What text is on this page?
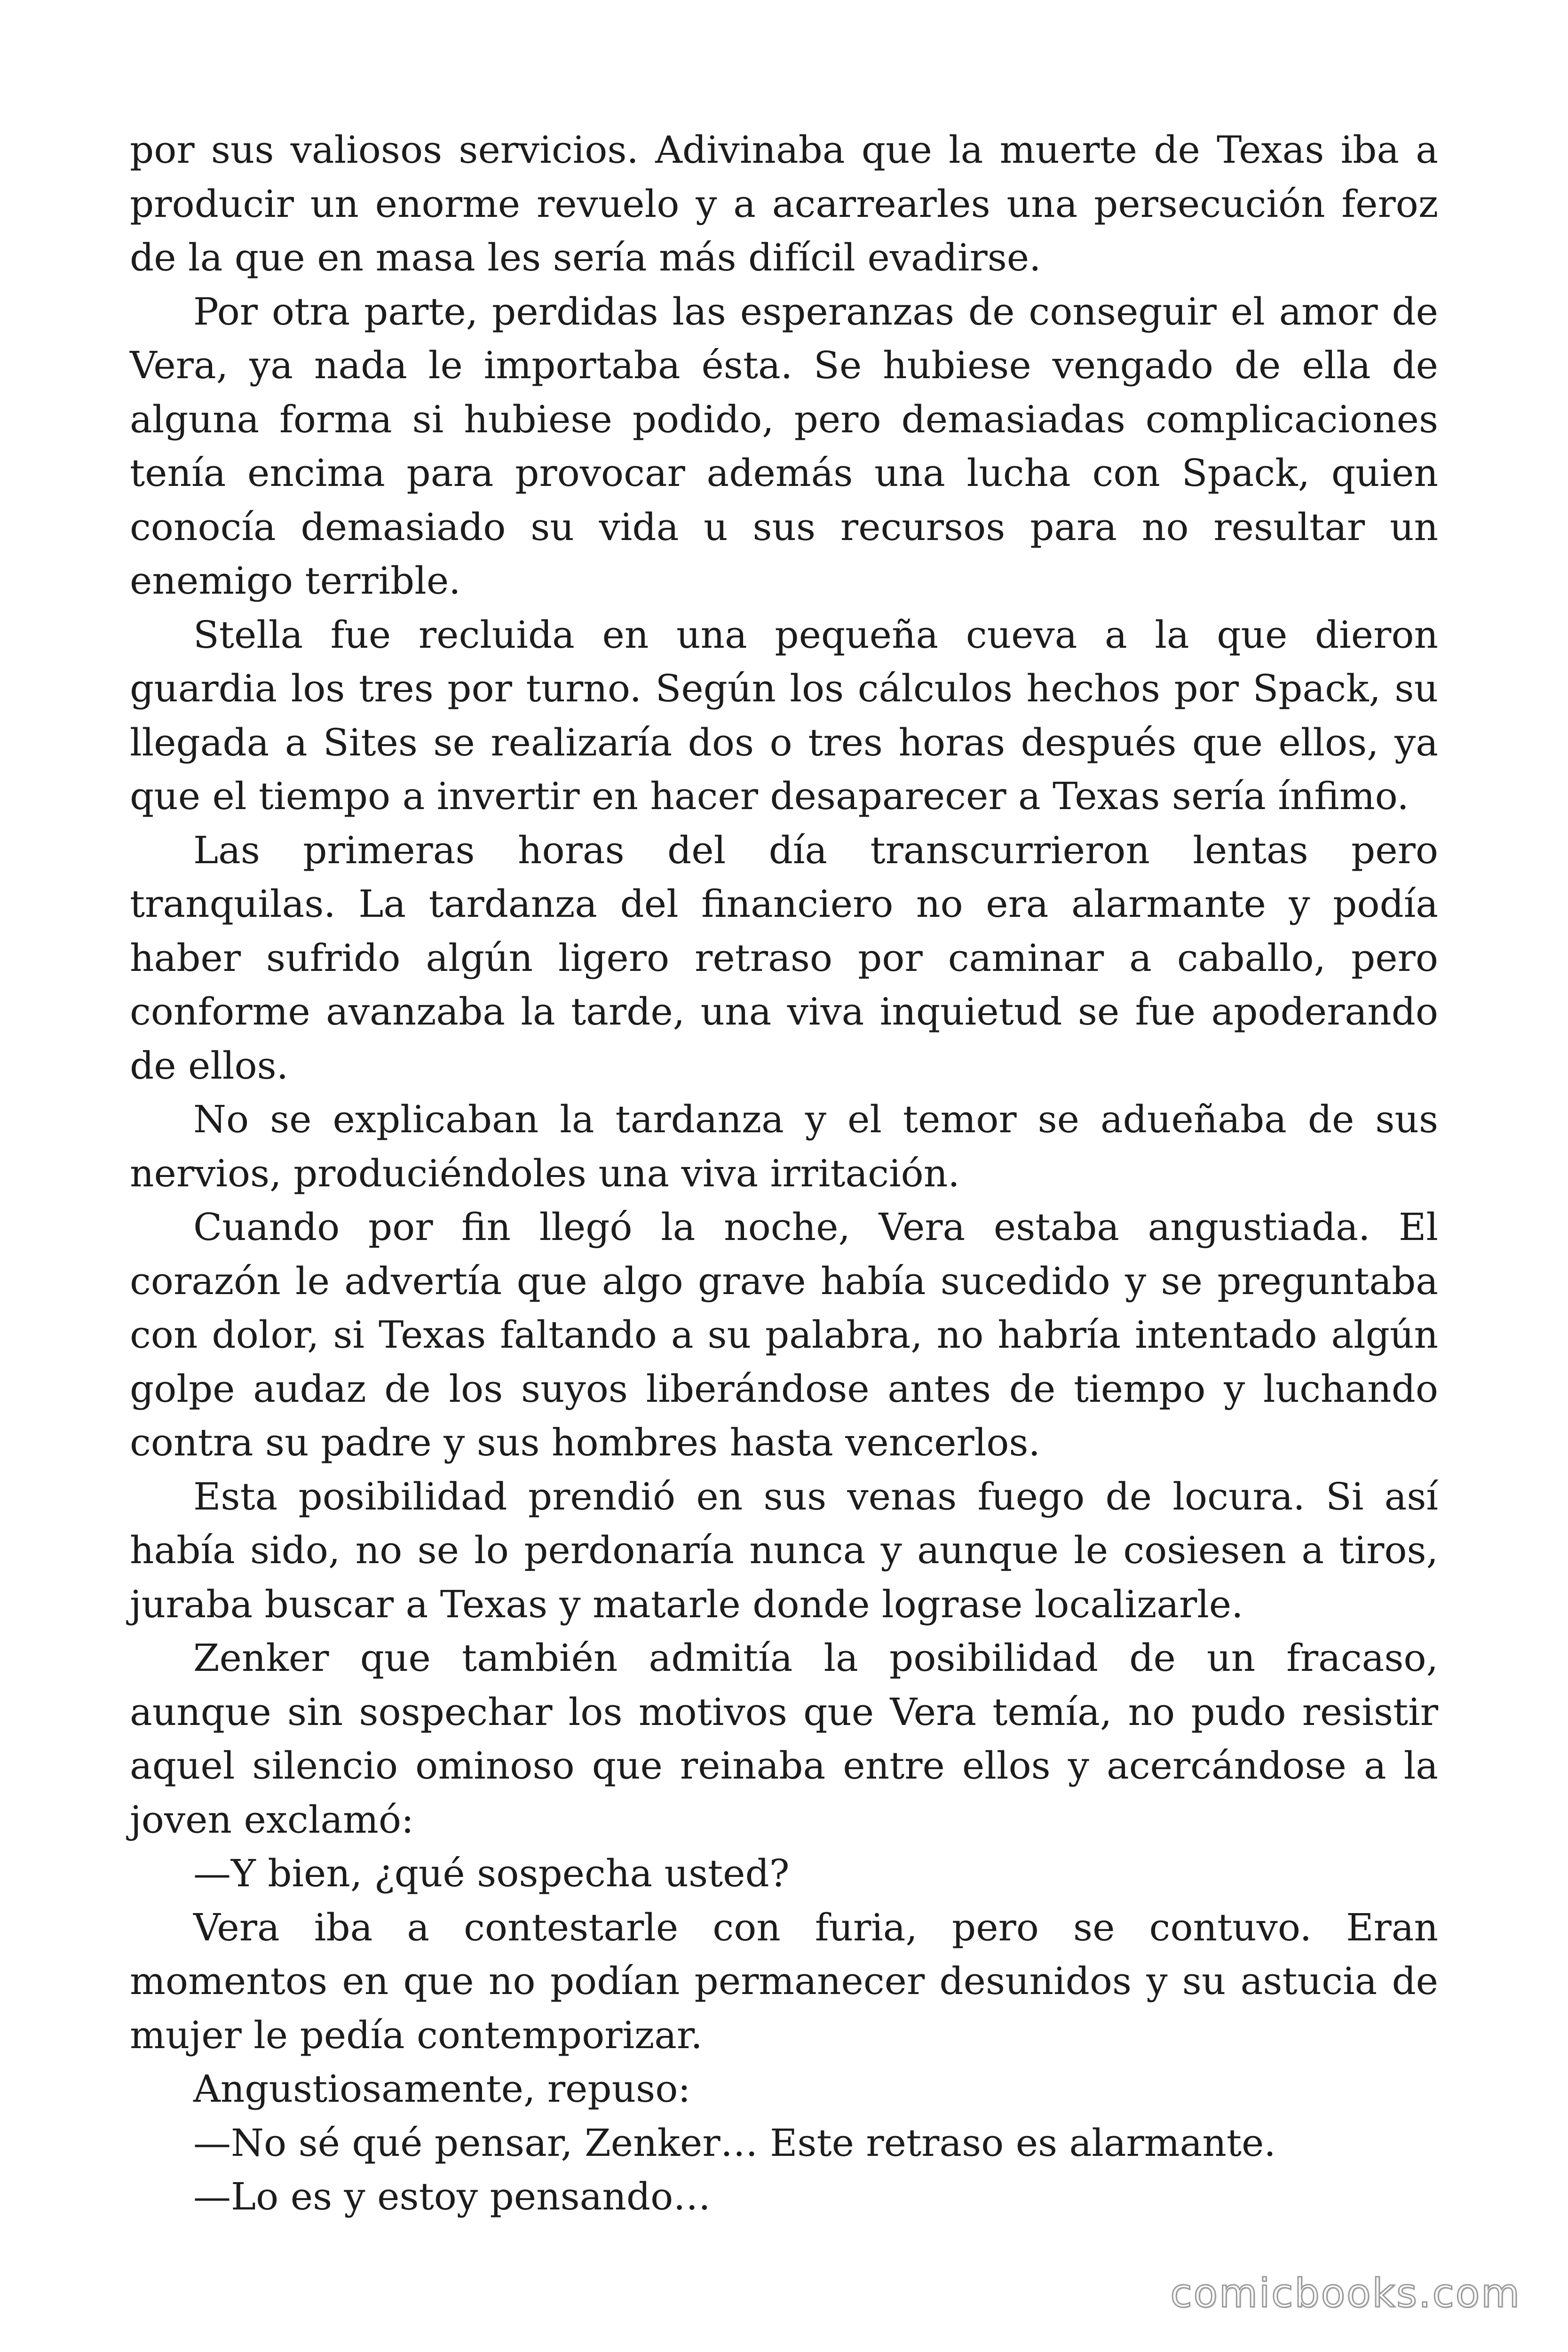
por sus valiosos servicios. Adivinaba que la muerte de Texas iba a producir un enorme revuelo y a acarrearles una persecución feroz de la que en masa les sería más difícil evadirse.

Por otra parte, perdidas las esperanzas de conseguir el amor de Vera, ya nada le importaba ésta. Se hubiese vengado de ella de alguna forma si hubiese podido, pero demasiadas complicaciones tenía encima para provocar además una lucha con Spack, quien conocía demasiado su vida u sus recursos para no resultar un enemigo terrible.

Stella fue recluida en una pequeña cueva a la que dieron guardia los tres por turno. Según los cálculos hechos por Spack, su llegada a Sites se realizaría dos o tres horas después que ellos, ya que el tiempo a invertir en hacer desaparecer a Texas sería ínfimo.

Las primeras horas del día transcurrieron lentas pero tranquilas. La tardanza del financiero no era alarmante y podía haber sufrido algún ligero retraso por caminar a caballo, pero conforme avanzaba la tarde, una viva inquietud se fue apoderando de ellos.

No se explicaban la tardanza y el temor se adueñaba de sus nervios, produciéndoles una viva irritación.

Cuando por fin llegó la noche, Vera estaba angustiada. El corazón le advertía que algo grave había sucedido y se preguntaba con dolor, si Texas faltando a su palabra, no habría intentado algún golpe audaz de los suyos liberándose antes de tiempo y luchando contra su padre y sus hombres hasta vencerlos.

Esta posibilidad prendió en sus venas fuego de locura. Si así había sido, no se lo perdonaría nunca y aunque le cosiesen a tiros, juraba buscar a Texas y matarle donde lograse localizarle.

Zenker que también admitía la posibilidad de un fracaso, aunque sin sospechar los motivos que Vera temía, no pudo resistir aquel silencio ominoso que reinaba entre ellos y acercándose a la joven exclamó:

—Y bien, ¿qué sospecha usted?

Vera iba a contestarle con furia, pero se contuvo. Eran momentos en que no podían permanecer desunidos y su astucia de mujer le pedía contemporizar.

Angustiosamente, repuso:

—No sé qué pensar, Zenker… Este retraso es alarmante.

—Lo es y estoy pensando…

comicbooks.com
